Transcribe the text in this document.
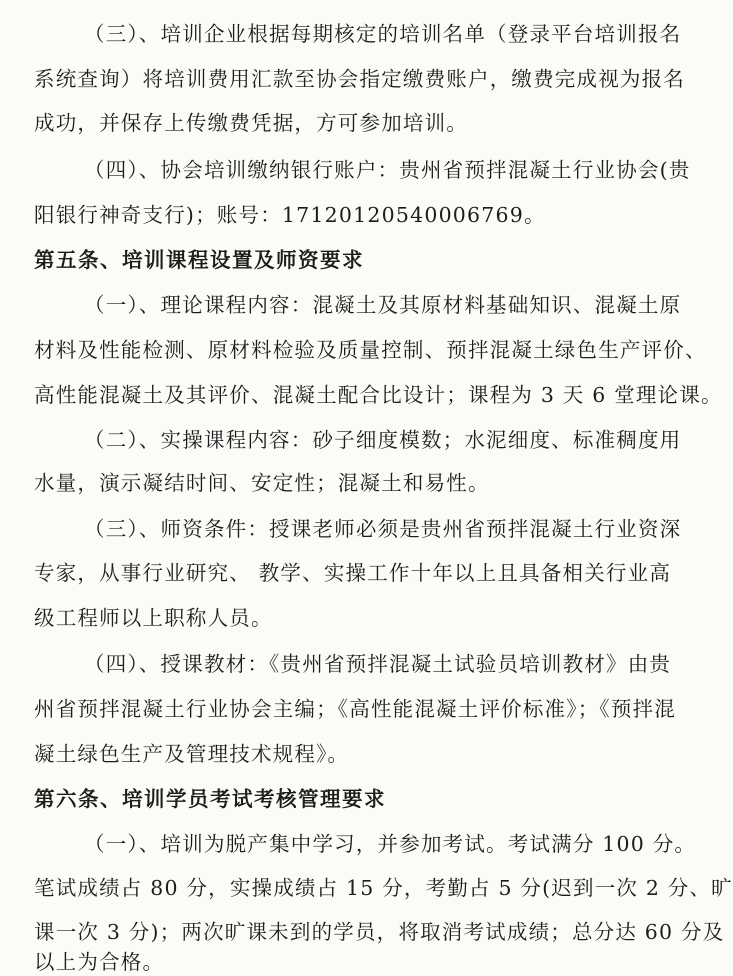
（三）、培训企业根据每期核定的培训名单（登录平台培训报名
系统查询）将培训费用汇款至协会指定缴费账户，缴费完成视为报名
成功，并保存上传缴费凭据，方可参加培训。
（四）、协会培训缴纳银行账户：贵州省预拌混凝土行业协会(贵
阳银行神奇支行)；账号：17120120540006769。
第五条、培训课程设置及师资要求
（一）、理论课程内容：混凝土及其原材料基础知识、混凝土原
材料及性能检测、原材料检验及质量控制、预拌混凝土绿色生产评价、
高性能混凝土及其评价、混凝土配合比设计；课程为 3 天 6 堂理论课。
（二）、实操课程内容：砂子细度模数；水泥细度、标准稠度用
水量，演示凝结时间、安定性；混凝土和易性。
（三）、师资条件：授课老师必须是贵州省预拌混凝土行业资深
专家，从事行业研究、 教学、实操工作十年以上且具备相关行业高
级工程师以上职称人员。
（四）、授课教材：《贵州省预拌混凝土试验员培训教材》由贵
州省预拌混凝土行业协会主编；《高性能混凝土评价标准》；《预拌混
凝土绿色生产及管理技术规程》。
第六条、培训学员考试考核管理要求
（一）、培训为脱产集中学习，并参加考试。考试满分 100 分。
笔试成绩占 80 分，实操成绩占 15 分，考勤占 5 分(迟到一次 2 分、旷
课一次 3 分)；两次旷课未到的学员，将取消考试成绩；总分达 60 分及
以上为合格。
